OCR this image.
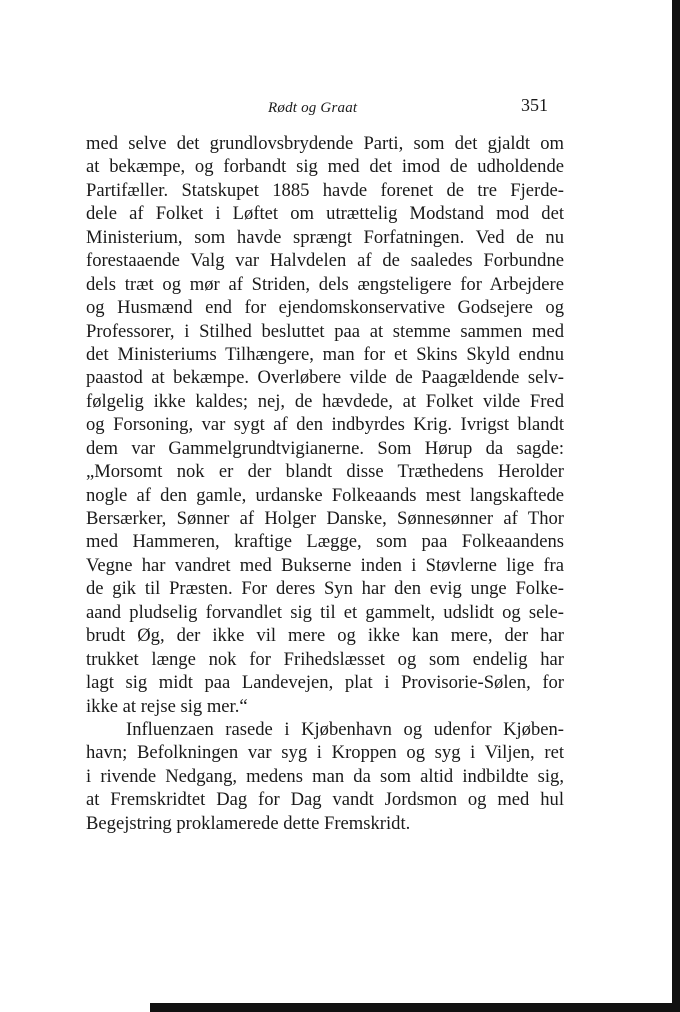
Rødt og Graat	351
med selve det grundlovsbrydende Parti, som det gjaldt om
at bekæmpe, og forbandt sig med det imod de udholdende
Partifæller. Statskupet 1885 havde forenet de tre Fjerde-
dele af Folket i Løftet om utrættelig Modstand mod det
Ministerium, som havde sprængt Forfatningen. Ved de nu
forestaaende Valg var Halvdelen af de saaledes Forbundne
dels træt og mør af Striden, dels ængsteligere for Arbejdere
og Husmænd end for ejendomskonservative Godsejere og
Professorer, i Stilhed besluttet paa at stemme sammen med
det Ministeriums Tilhængere, man for et Skins Skyld endnu
paastod at bekæmpe. Overløbere vilde de Paagældende selv-
følgelig ikke kaldes; nej, de hævdede, at Folket vilde Fred
og Forsoning, var sygt af den indbyrdes Krig. Ivrigst blandt
dem var Gammelgrundtvigianerne. Som Hørup da sagde:
„Morsomt nok er der blandt disse Træthedens Herolder
nogle af den gamle, urdanske Folkeaands mest langskaftede
Bersærker, Sønner af Holger Danske, Sønnesønner af Thor
med Hammeren, kraftige Lægge, som paa Folkeaandens
Vegne har vandret med Bukserne inden i Støvlerne lige fra
de gik til Præsten. For deres Syn har den evig unge Folke-
aand pludselig forvandlet sig til et gammelt, udslidt og sele-
brudt Øg, der ikke vil mere og ikke kan mere, der har
trukket længe nok for Frihedslæsset og som endelig har
lagt sig midt paa Landevejen, plat i Provisorie-Sølen, for
ikke at rejse sig mer.“
Influenzaen rasede i Kjøbenhavn og udenfor Kjøben-
havn; Befolkningen var syg i Kroppen og syg i Viljen, ret
i rivende Nedgang, medens man da som altid indbildte sig,
at Fremskridtet Dag for Dag vandt Jordsmon og med hul
Begejstring proklamerede dette Fremskridt.
